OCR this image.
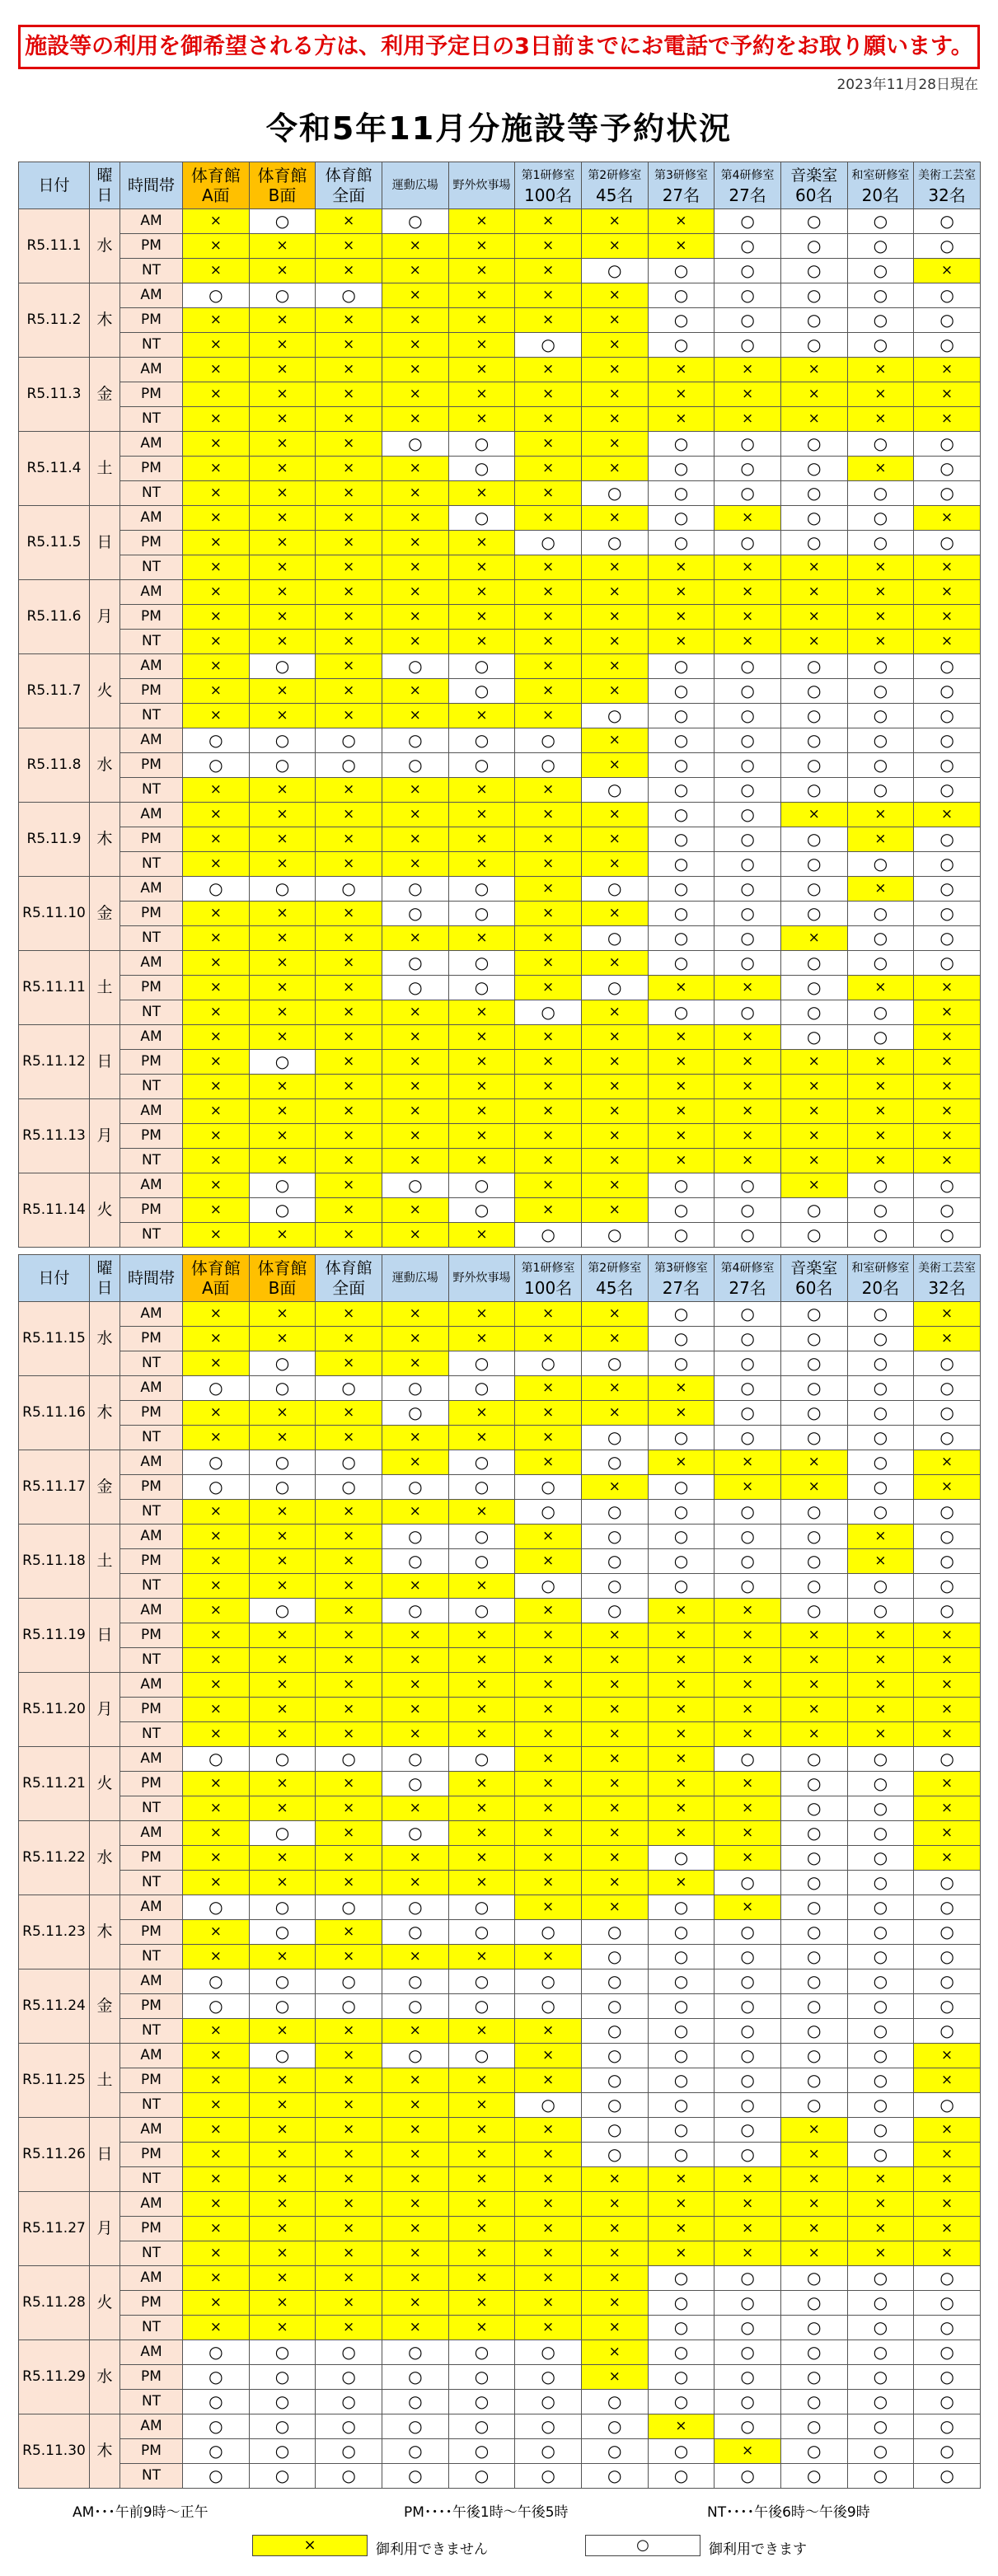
施設等の利用を御希望される方は、利用予定日の3日前までにお電話で予約をお取り願います。
2023年11月28日現在
令和5年11月分施設等予約状況
日付	曜日	時間帯	体育館
A面	体育館
B面	体育館
全面	運動広場	野外炊事場	第1研修室
100名	第2研修室
45名	第3研修室
27名	第4研修室
27名	音楽室
60名	和室研修室
20名	美術工芸室
32名

R5.11.1	水	AM	×	○	×	○	×	×	×	×	○	○	○	○
		PM	×	×	×	×	×	×	×	×	○	○	○	○
		NT	×	×	×	×	×	×	○	○	○	○	○	×
R5.11.2	木	AM	○	○	○	×	×	×	×	○	○	○	○	○
		PM	×	×	×	×	×	×	×	○	○	○	○	○
		NT	×	×	×	×	×	○	×	○	○	○	○	○
R5.11.3	金	AM	×	×	×	×	×	×	×	×	×	×	×	×
		PM	×	×	×	×	×	×	×	×	×	×	×	×
		NT	×	×	×	×	×	×	×	×	×	×	×	×
R5.11.4	土	AM	×	×	×	○	○	×	×	○	○	○	○	○
		PM	×	×	×	×	○	×	×	○	○	○	×	○
		NT	×	×	×	×	×	×	○	○	○	○	○	○
R5.11.5	日	AM	×	×	×	×	○	×	×	○	×	○	○	×
		PM	×	×	×	×	×	○	○	○	○	○	○	○
		NT	×	×	×	×	×	×	×	×	×	×	×	×
R5.11.6	月	AM	×	×	×	×	×	×	×	×	×	×	×	×
		PM	×	×	×	×	×	×	×	×	×	×	×	×
		NT	×	×	×	×	×	×	×	×	×	×	×	×
R5.11.7	火	AM	×	○	×	○	○	×	×	○	○	○	○	○
		PM	×	×	×	×	○	×	×	○	○	○	○	○
		NT	×	×	×	×	×	×	○	○	○	○	○	○
R5.11.8	水	AM	○	○	○	○	○	○	×	○	○	○	○	○
		PM	○	○	○	○	○	○	×	○	○	○	○	○
		NT	×	×	×	×	×	×	○	○	○	○	○	○
R5.11.9	木	AM	×	×	×	×	×	×	×	○	○	×	×	×
		PM	×	×	×	×	×	×	×	○	○	○	×	○
		NT	×	×	×	×	×	×	×	○	○	○	○	○
R5.11.10	金	AM	○	○	○	○	○	×	○	○	○	○	×	○
		PM	×	×	×	○	○	×	×	○	○	○	○	○
		NT	×	×	×	×	×	×	○	○	○	×	○	○
R5.11.11	土	AM	×	×	×	○	○	×	×	○	○	○	○	○
		PM	×	×	×	○	○	×	○	×	×	○	×	×
		NT	×	×	×	×	×	○	×	○	○	○	○	×
R5.11.12	日	AM	×	×	×	×	×	×	×	×	×	○	○	×
		PM	×	○	×	×	×	×	×	×	×	×	×	×
		NT	×	×	×	×	×	×	×	×	×	×	×	×
R5.11.13	月	AM	×	×	×	×	×	×	×	×	×	×	×	×
		PM	×	×	×	×	×	×	×	×	×	×	×	×
		NT	×	×	×	×	×	×	×	×	×	×	×	×
R5.11.14	火	AM	×	○	×	○	○	×	×	○	○	×	○	○
		PM	×	○	×	×	○	×	×	○	○	○	○	○
		NT	×	×	×	×	×	○	○	○	○	○	○	○
日付	曜日	時間帯	体育館
A面	体育館
B面	体育館
全面	運動広場	野外炊事場	第1研修室
100名	第2研修室
45名	第3研修室
27名	第4研修室
27名	音楽室
60名	和室研修室
20名	美術工芸室
32名

R5.11.15	水	AM	×	×	×	×	×	×	×	○	○	○	○	×
		PM	×	×	×	×	×	×	×	○	○	○	○	×
		NT	×	○	×	×	○	○	○	○	○	○	○	○
R5.11.16	木	AM	○	○	○	○	○	×	×	×	○	○	○	○
		PM	×	×	×	○	×	×	×	×	○	○	○	○
		NT	×	×	×	×	×	×	○	○	○	○	○	○
R5.11.17	金	AM	○	○	○	×	○	×	○	×	×	×	○	×
		PM	○	○	○	○	○	○	×	○	×	×	○	×
		NT	×	×	×	×	×	○	○	○	○	○	○	○
R5.11.18	土	AM	×	×	×	○	○	×	○	○	○	○	×	○
		PM	×	×	×	○	○	×	○	○	○	○	×	○
		NT	×	×	×	×	×	○	○	○	○	○	○	○
R5.11.19	日	AM	×	○	×	○	○	×	○	×	×	○	○	○
		PM	×	×	×	×	×	×	×	×	×	×	×	×
		NT	×	×	×	×	×	×	×	×	×	×	×	×
R5.11.20	月	AM	×	×	×	×	×	×	×	×	×	×	×	×
		PM	×	×	×	×	×	×	×	×	×	×	×	×
		NT	×	×	×	×	×	×	×	×	×	×	×	×
R5.11.21	火	AM	○	○	○	○	○	×	×	×	○	○	○	○
		PM	×	×	×	○	×	×	×	×	×	○	○	×
		NT	×	×	×	×	×	×	×	×	×	○	○	×
R5.11.22	水	AM	×	○	×	○	×	×	×	×	×	○	○	×
		PM	×	×	×	×	×	×	×	○	×	○	○	×
		NT	×	×	×	×	×	×	×	×	○	○	○	○
R5.11.23	木	AM	○	○	○	○	○	×	×	○	×	○	○	○
		PM	×	○	×	○	○	○	○	○	○	○	○	○
		NT	×	×	×	×	×	×	○	○	○	○	○	○
R5.11.24	金	AM	○	○	○	○	○	○	○	○	○	○	○	○
		PM	○	○	○	○	○	○	○	○	○	○	○	○
		NT	×	×	×	×	×	×	○	○	○	○	○	○
R5.11.25	土	AM	×	○	×	○	○	×	○	○	○	○	○	×
		PM	×	×	×	×	×	×	○	○	○	○	○	×
		NT	×	×	×	×	×	○	○	○	○	○	○	○
R5.11.26	日	AM	×	×	×	×	×	×	○	○	○	×	○	×
		PM	×	×	×	×	×	×	○	○	○	×	○	×
		NT	×	×	×	×	×	×	×	×	×	×	×	×
R5.11.27	月	AM	×	×	×	×	×	×	×	×	×	×	×	×
		PM	×	×	×	×	×	×	×	×	×	×	×	×
		NT	×	×	×	×	×	×	×	×	×	×	×	×
R5.11.28	火	AM	×	×	×	×	×	×	×	○	○	○	○	○
		PM	×	×	×	×	×	×	×	○	○	○	○	○
		NT	×	×	×	×	×	×	×	○	○	○	○	○
R5.11.29	水	AM	○	○	○	○	○	○	×	○	○	○	○	○
		PM	○	○	○	○	○	○	×	○	○	○	○	○
		NT	○	○	○	○	○	○	○	○	○	○	○	○
R5.11.30	木	AM	○	○	○	○	○	○	○	×	○	○	○	○
		PM	○	○	○	○	○	○	○	○	×	○	○	○
		NT	○	○	○	○	○	○	○	○	○	○	○	○
AM･･･午前9時～正午	PM････午後1時～午後5時	NT････午後6時～午後9時
×	御利用できません	○	御利用できます
